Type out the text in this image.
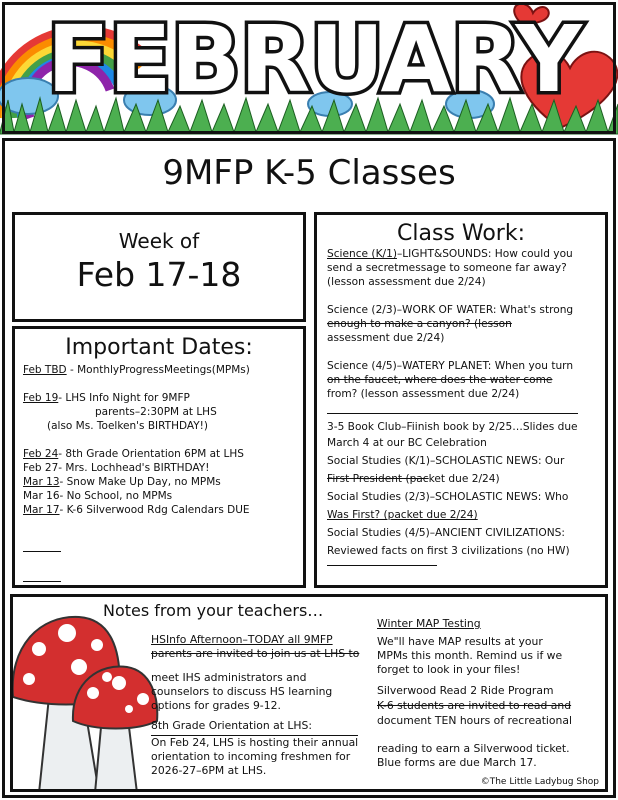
FEBRUARY
9MFP K-5 Classes
Week of
Feb 17-18
Important Dates:
Feb TBD - MonthlyProgressMeetings(MPMs)
Feb 19- LHS Info Night for 9MFP
parents–2:30PM at LHS
(also Ms. Toelken's BIRTHDAY!)
Feb 24- 8th Grade Orientation 6PM at LHS
Feb 27- Mrs. Lochhead's BIRTHDAY!
Mar 13- Snow Make Up Day, no MPMs
Mar 16- No School, no MPMs
Mar 17- K-6 Silverwood Rdg Calendars DUE
Class Work:
Science (K/1)–LIGHT&SOUNDS: How could you
send a secretmessage to someone far away?
(lesson assessment due 2/24)
Science (2/3)–WORK OF WATER: What's strong
enough to make a canyon? (lesson
assessment due 2/24)
Science (4/5)–WATERY PLANET: When you turn
on the faucet, where does the water come
from? (lesson assessment due 2/24)
3-5 Book Club–Fiinish book by 2/25…Slides due
March 4 at our BC Celebration
Social Studies (K/1)–SCHOLASTIC NEWS: Our
First President (packet due 2/24)
Social Studies (2/3)–SCHOLASTIC NEWS: Who
Was First? (packet due 2/24)
Social Studies (4/5)–ANCIENT CIVILIZATIONS:
Reviewed facts on first 3 civilizations (no HW)
Notes from your teachers…
HSInfo Afternoon–TODAY all 9MFP
parents are invited to join us at LHS to
meet IHS administrators and
counselors to discuss HS learning
options for grades 9-12.
8th Grade Orientation at LHS:
On Feb 24, LHS is hosting their annual
orientation to incoming freshmen for
2026-27–6PM at LHS.
Winter MAP Testing
We"ll have MAP results at your
MPMs this month. Remind us if we
forget to look in your files!
Silverwood Read 2 Ride Program
K-6 students are invited to read and
document TEN hours of recreational
reading to earn a Silverwood ticket.
Blue forms are due March 17.
©The Little Ladybug Shop
